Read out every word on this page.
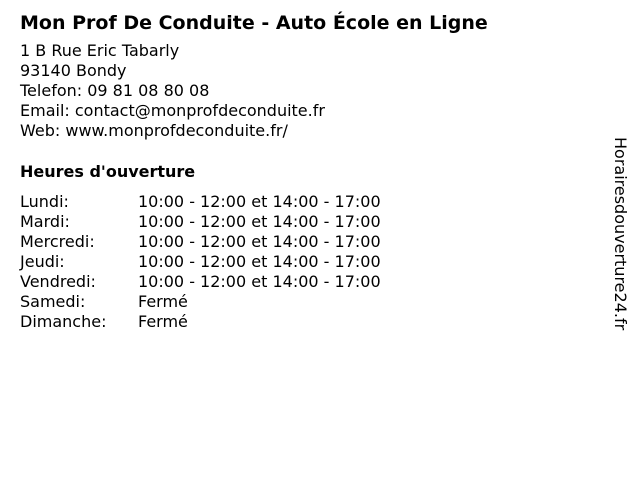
Mon Prof De Conduite - Auto École en Ligne
1 B Rue Eric Tabarly
93140 Bondy
Telefon: 09 81 08 80 08
Email: contact@monprofdeconduite.fr
Web: www.monprofdeconduite.fr/
Heures d'ouverture
Lundi:	10:00 - 12:00 et 14:00 - 17:00
Mardi:	10:00 - 12:00 et 14:00 - 17:00
Mercredi:	10:00 - 12:00 et 14:00 - 17:00
Jeudi:	10:00 - 12:00 et 14:00 - 17:00
Vendredi:	10:00 - 12:00 et 14:00 - 17:00
Samedi:	Fermé
Dimanche:	Fermé	Horairesdouverture24.fr
